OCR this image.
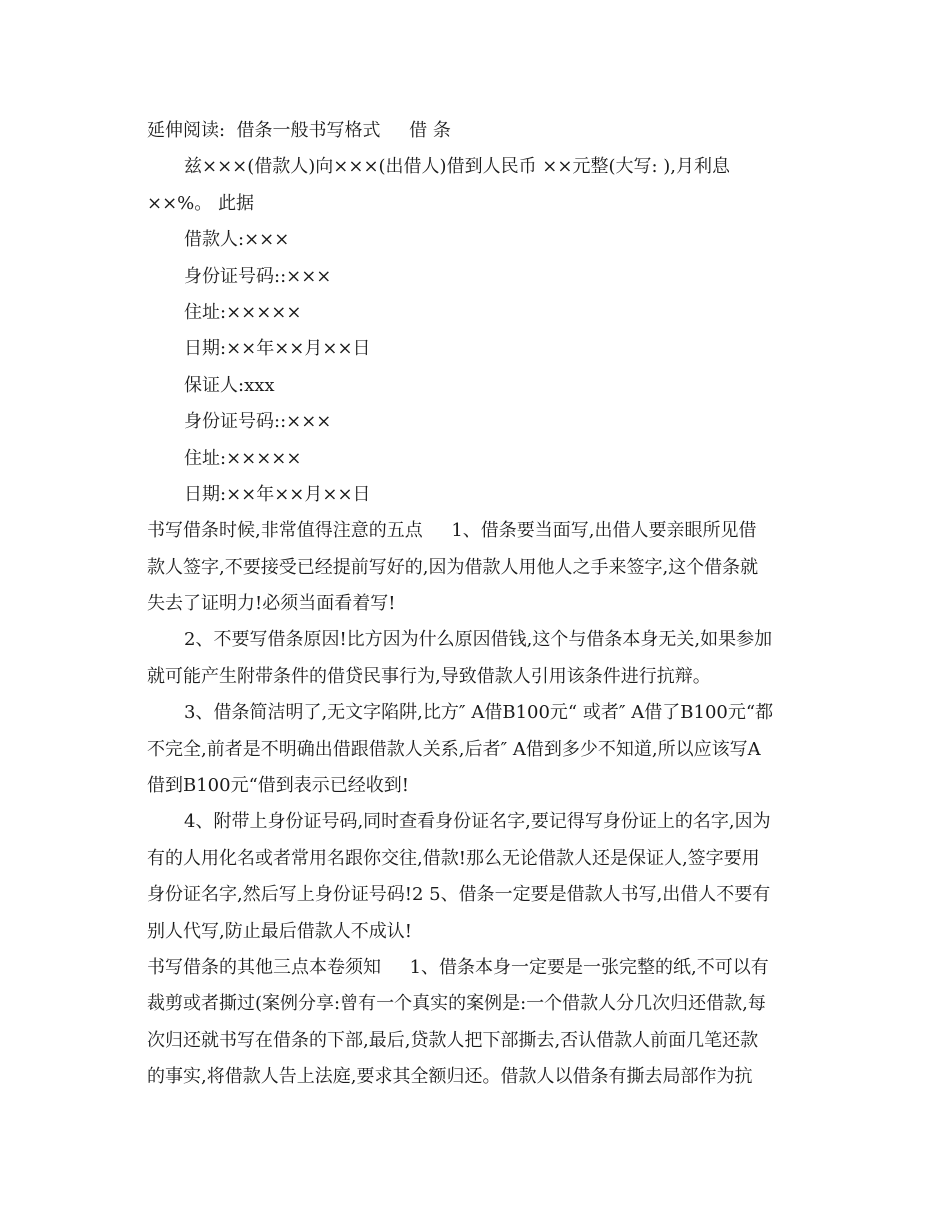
延伸阅读:  借条一般书写格式     借 条
兹×××(借款人)向×××(出借人)借到人民币 ××元整(大写: ),月利息
××%。 此据
借款人:×××
身份证号码::×××
住址:×××××
日期:××年××月××日
保证人:xxx
身份证号码::×××
住址:×××××
日期:××年××月××日
书写借条时候,非常值得注意的五点     1、借条要当面写,出借人要亲眼所见借
款人签字,不要接受已经提前写好的,因为借款人用他人之手来签字,这个借条就
失去了证明力!必须当面看着写!
2、不要写借条原因!比方因为什么原因借钱,这个与借条本身无关,如果参加
就可能产生附带条件的借贷民事行为,导致借款人引用该条件进行抗辩。
3、借条简洁明了,无文字陷阱,比方″ A借B100元“ 或者″ A借了B100元“都
不完全,前者是不明确出借跟借款人关系,后者″ A借到多少不知道,所以应该写A
借到B100元“借到表示已经收到!
4、附带上身份证号码,同时查看身份证名字,要记得写身份证上的名字,因为
有的人用化名或者常用名跟你交往,借款!那么无论借款人还是保证人,签字要用
身份证名字,然后写上身份证号码!2 5、借条一定要是借款人书写,出借人不要有
别人代写,防止最后借款人不成认!
书写借条的其他三点本卷须知     1、借条本身一定要是一张完整的纸,不可以有
裁剪或者撕过(案例分享:曾有一个真实的案例是:一个借款人分几次归还借款,每
次归还就书写在借条的下部,最后,贷款人把下部撕去,否认借款人前面几笔还款
的事实,将借款人告上法庭,要求其全额归还。借款人以借条有撕去局部作为抗
